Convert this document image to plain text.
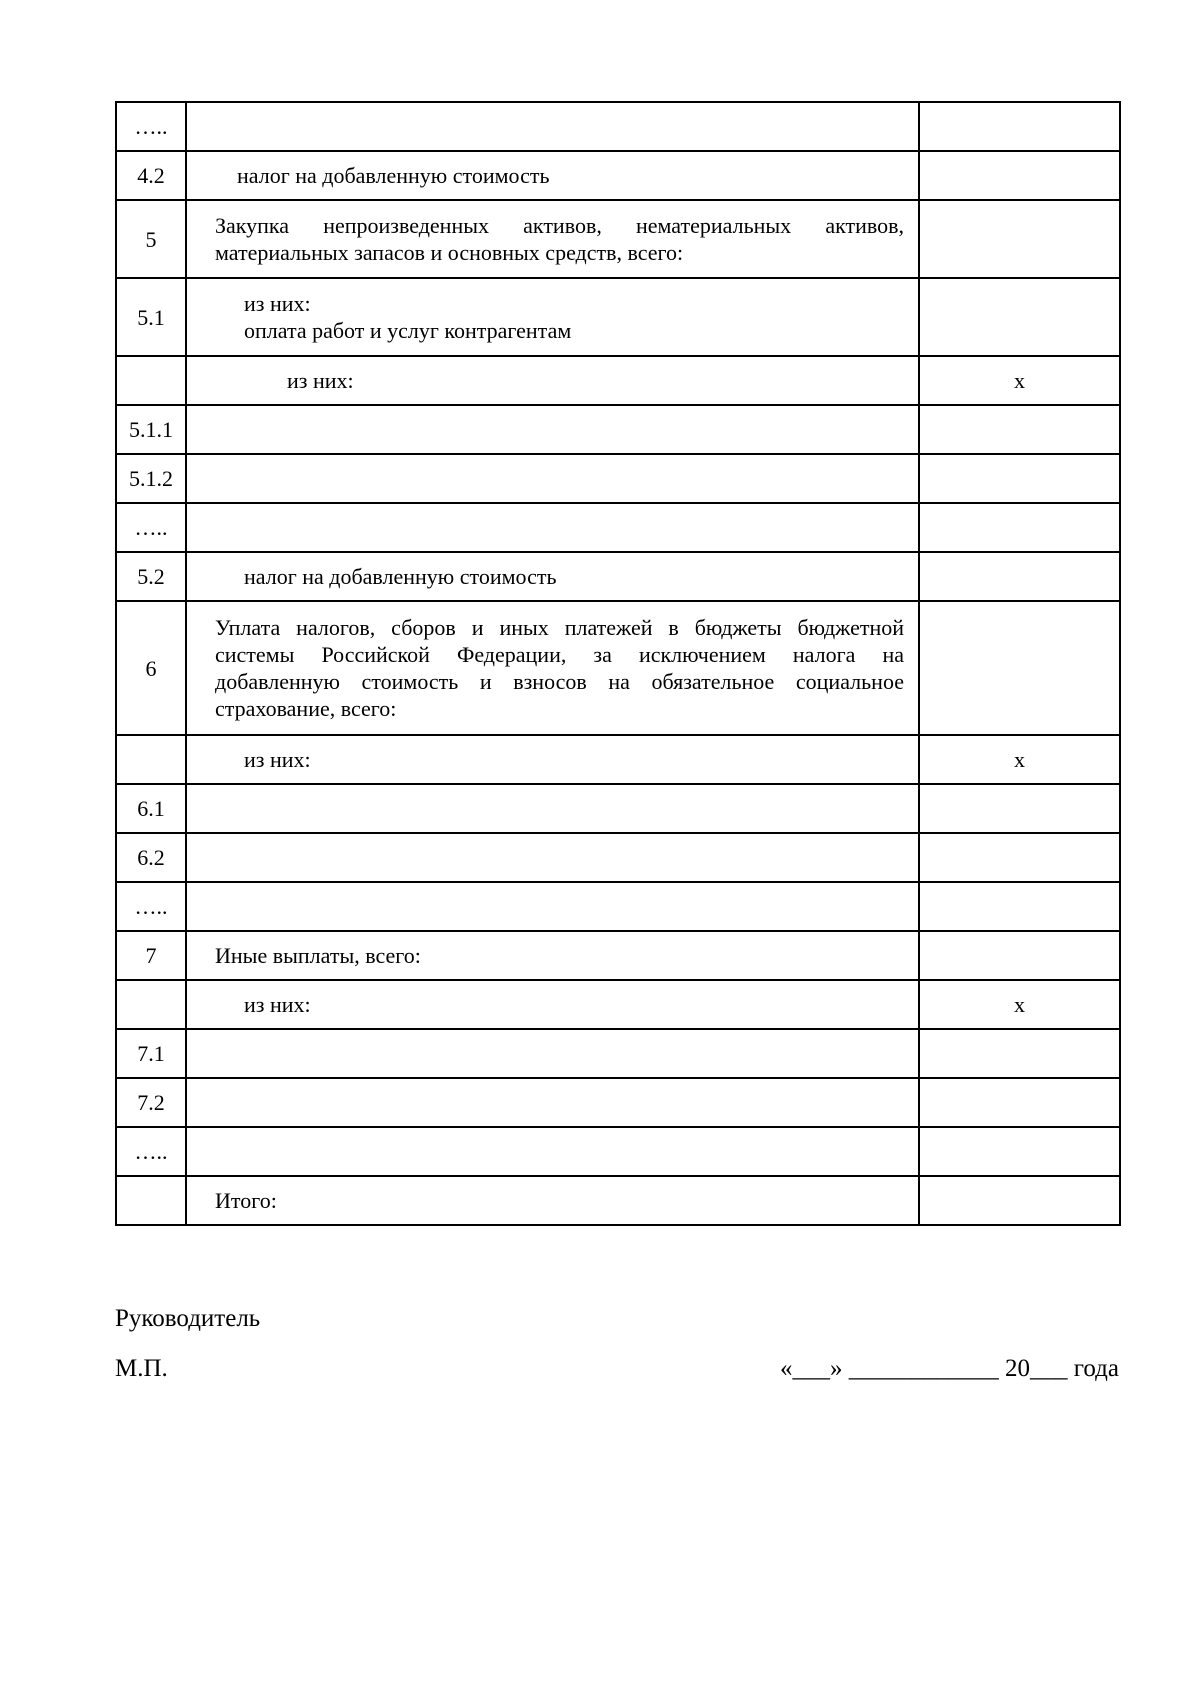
…..		
4.2	налог на добавленную стоимость	

5	Закупка непроизведенных активов, нематериальных активов, материальных запасов и основных средств, всего:	
5.1	из них:
оплата работ и услуг контрагентам	

	из них:	x
5.1.1		
5.1.2		
…..		
5.2	налог на добавленную стоимость	

6	Уплата налогов, сборов и иных платежей в бюджеты бюджетной системы Российской Федерации, за исключением налога на добавленную стоимость и взносов на обязательное социальное страхование, всего:	

	из них:	x
6.1		
6.2		
…..		
7	Иные выплаты, всего:	

	из них:	x
7.1		
7.2		
…..		
	Итого:	
Руководитель
М.П.	«___» ____________ 20___ года
